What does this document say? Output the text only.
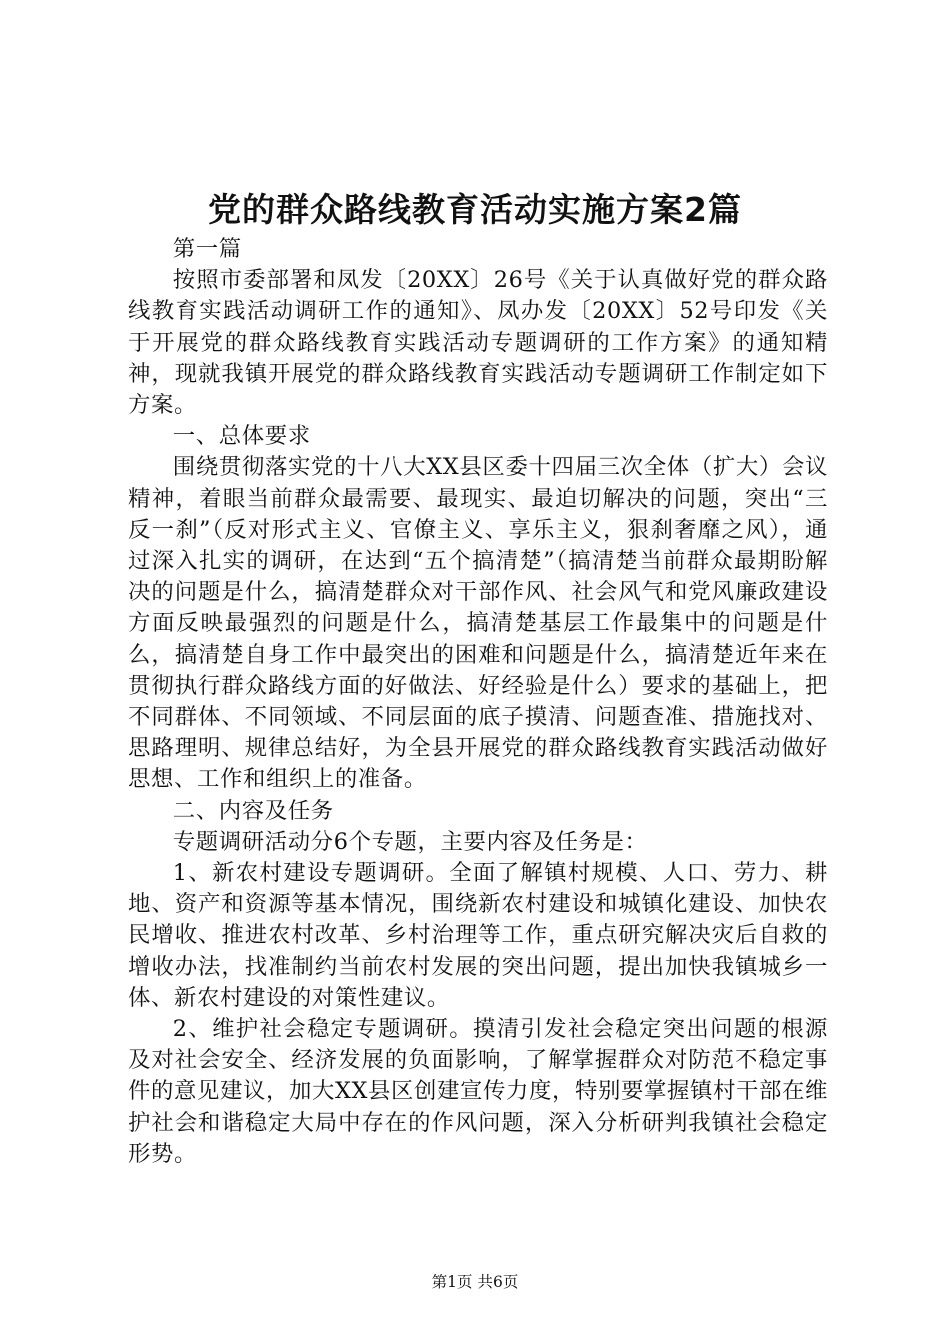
党的群众路线教育活动实施方案2篇

第一篇

按照市委部署和凤发〔20XX〕26号《关于认真做好党的群众路线教育实践活动调研工作的通知》、凤办发〔20XX〕52号印发《关于开展党的群众路线教育实践活动专题调研的工作方案》的通知精神，现就我镇开展党的群众路线教育实践活动专题调研工作制定如下方案。

一、总体要求

围绕贯彻落实党的十八大XX县区委十四届三次全体（扩大）会议精神，着眼当前群众最需要、最现实、最迫切解决的问题，突出“三反一刹”（反对形式主义、官僚主义、享乐主义，狠刹奢靡之风），通过深入扎实的调研，在达到“五个搞清楚”（搞清楚当前群众最期盼解决的问题是什么，搞清楚群众对干部作风、社会风气和党风廉政建设方面反映最强烈的问题是什么，搞清楚基层工作最集中的问题是什么，搞清楚自身工作中最突出的困难和问题是什么，搞清楚近年来在贯彻执行群众路线方面的好做法、好经验是什么）要求的基础上，把不同群体、不同领域、不同层面的底子摸清、问题查准、措施找对、思路理明、规律总结好，为全县开展党的群众路线教育实践活动做好思想、工作和组织上的准备。

二、内容及任务

专题调研活动分6个专题，主要内容及任务是：

1、新农村建设专题调研。全面了解镇村规模、人口、劳力、耕地、资产和资源等基本情况，围绕新农村建设和城镇化建设、加快农民增收、推进农村改革、乡村治理等工作，重点研究解决灾后自救的增收办法，找准制约当前农村发展的突出问题，提出加快我镇城乡一体、新农村建设的对策性建议。

2、维护社会稳定专题调研。摸清引发社会稳定突出问题的根源及对社会安全、经济发展的负面影响，了解掌握群众对防范不稳定事件的意见建议，加大XX县区创建宣传力度，特别要掌握镇村干部在维护社会和谐稳定大局中存在的作风问题，深入分析研判我镇社会稳定形势。

第1页 共6页
